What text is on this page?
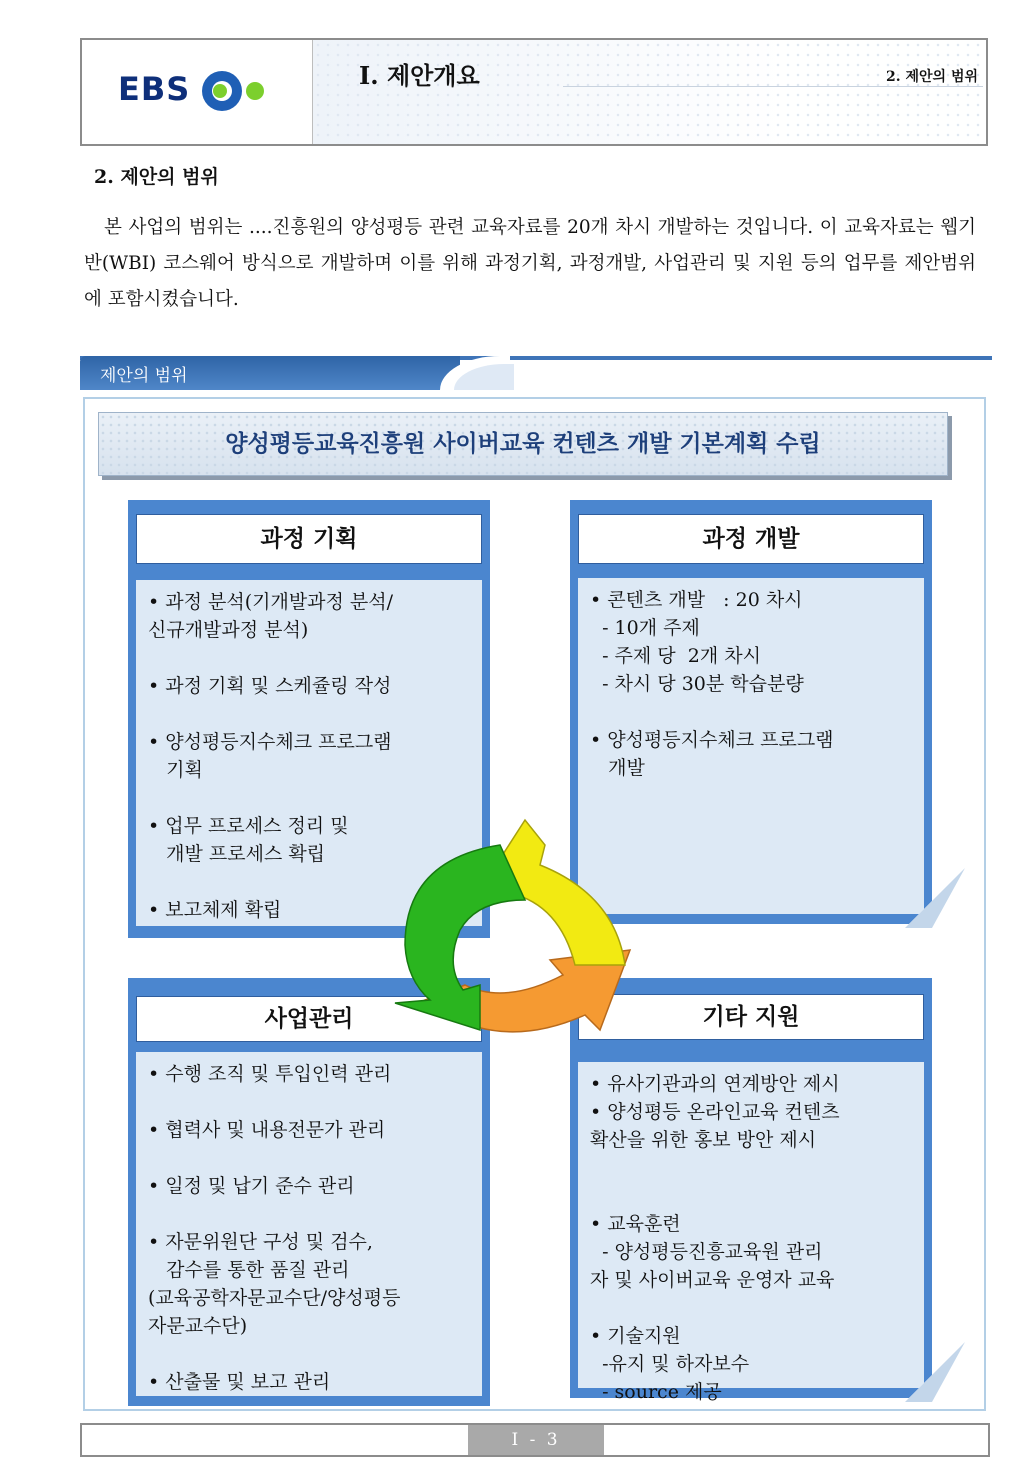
EBS	Ⅰ. 제안개요	2. 제안의 범위
2. 제안의 범위
본 사업의 범위는 ....진흥원의 양성평등 관련 교육자료를 20개 차시 개발하는 것입니다. 이 교육자료는 웹기반(WBI) 코스웨어 방식으로 개발하며 이를 위해 과정기획, 과정개발, 사업관리 및 지원 등의 업무를 제안범위에 포함시켰습니다.
제안의 범위
양성평등교육진흥원 사이버교육 컨텐츠 개발 기본계획 수립
과정 기획
• 과정 분석(기개발과정 분석/
신규개발과정 분석)

• 과정 기획 및 스케쥴링 작성

• 양성평등지수체크 프로그램
기획

• 업무 프로세스 정리 및
개발 프로세스 확립

• 보고체제 확립
과정 개발
• 콘텐츠 개발   : 20 차시
- 10개 주제
- 주제 당  2개 차시
- 차시 당 30분 학습분량

• 양성평등지수체크 프로그램
개발
사업관리
• 수행 조직 및 투입인력 관리

• 협력사 및 내용전문가 관리

• 일정 및 납기 준수 관리

• 자문위원단 구성 및 검수,
감수를 통한 품질 관리
(교육공학자문교수단/양성평등
자문교수단)

• 산출물 및 보고 관리
기타 지원
• 유사기관과의 연계방안 제시
• 양성평등 온라인교육 컨텐츠
확산을 위한 홍보 방안 제시

• 교육훈련
- 양성평등진흥교육원 관리
자 및 사이버교육 운영자 교육

• 기술지원
-유지 및 하자보수
- source 제공
Ⅰ - 3
